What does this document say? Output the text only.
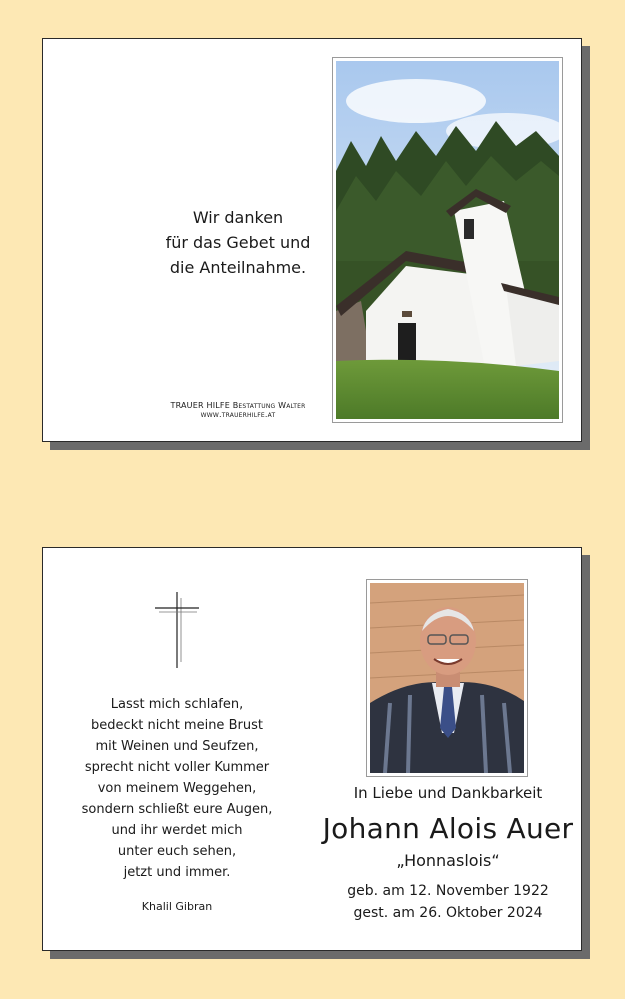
Wir danken
für das Gebet und
die Anteilnahme.
TRAUER HILFE Bestattung Walter
www.trauerhilfe.at
Lasst mich schlafen,
bedeckt nicht meine Brust
mit Weinen und Seufzen,
sprecht nicht voller Kummer
von meinem Weggehen,
sondern schließt eure Augen,
und ihr werdet mich
unter euch sehen,
jetzt und immer.
Khalil Gibran
In Liebe und Dankbarkeit
Johann Alois Auer
„Honnaslois“
geb. am 12. November 1922
gest. am 26. Oktober 2024
